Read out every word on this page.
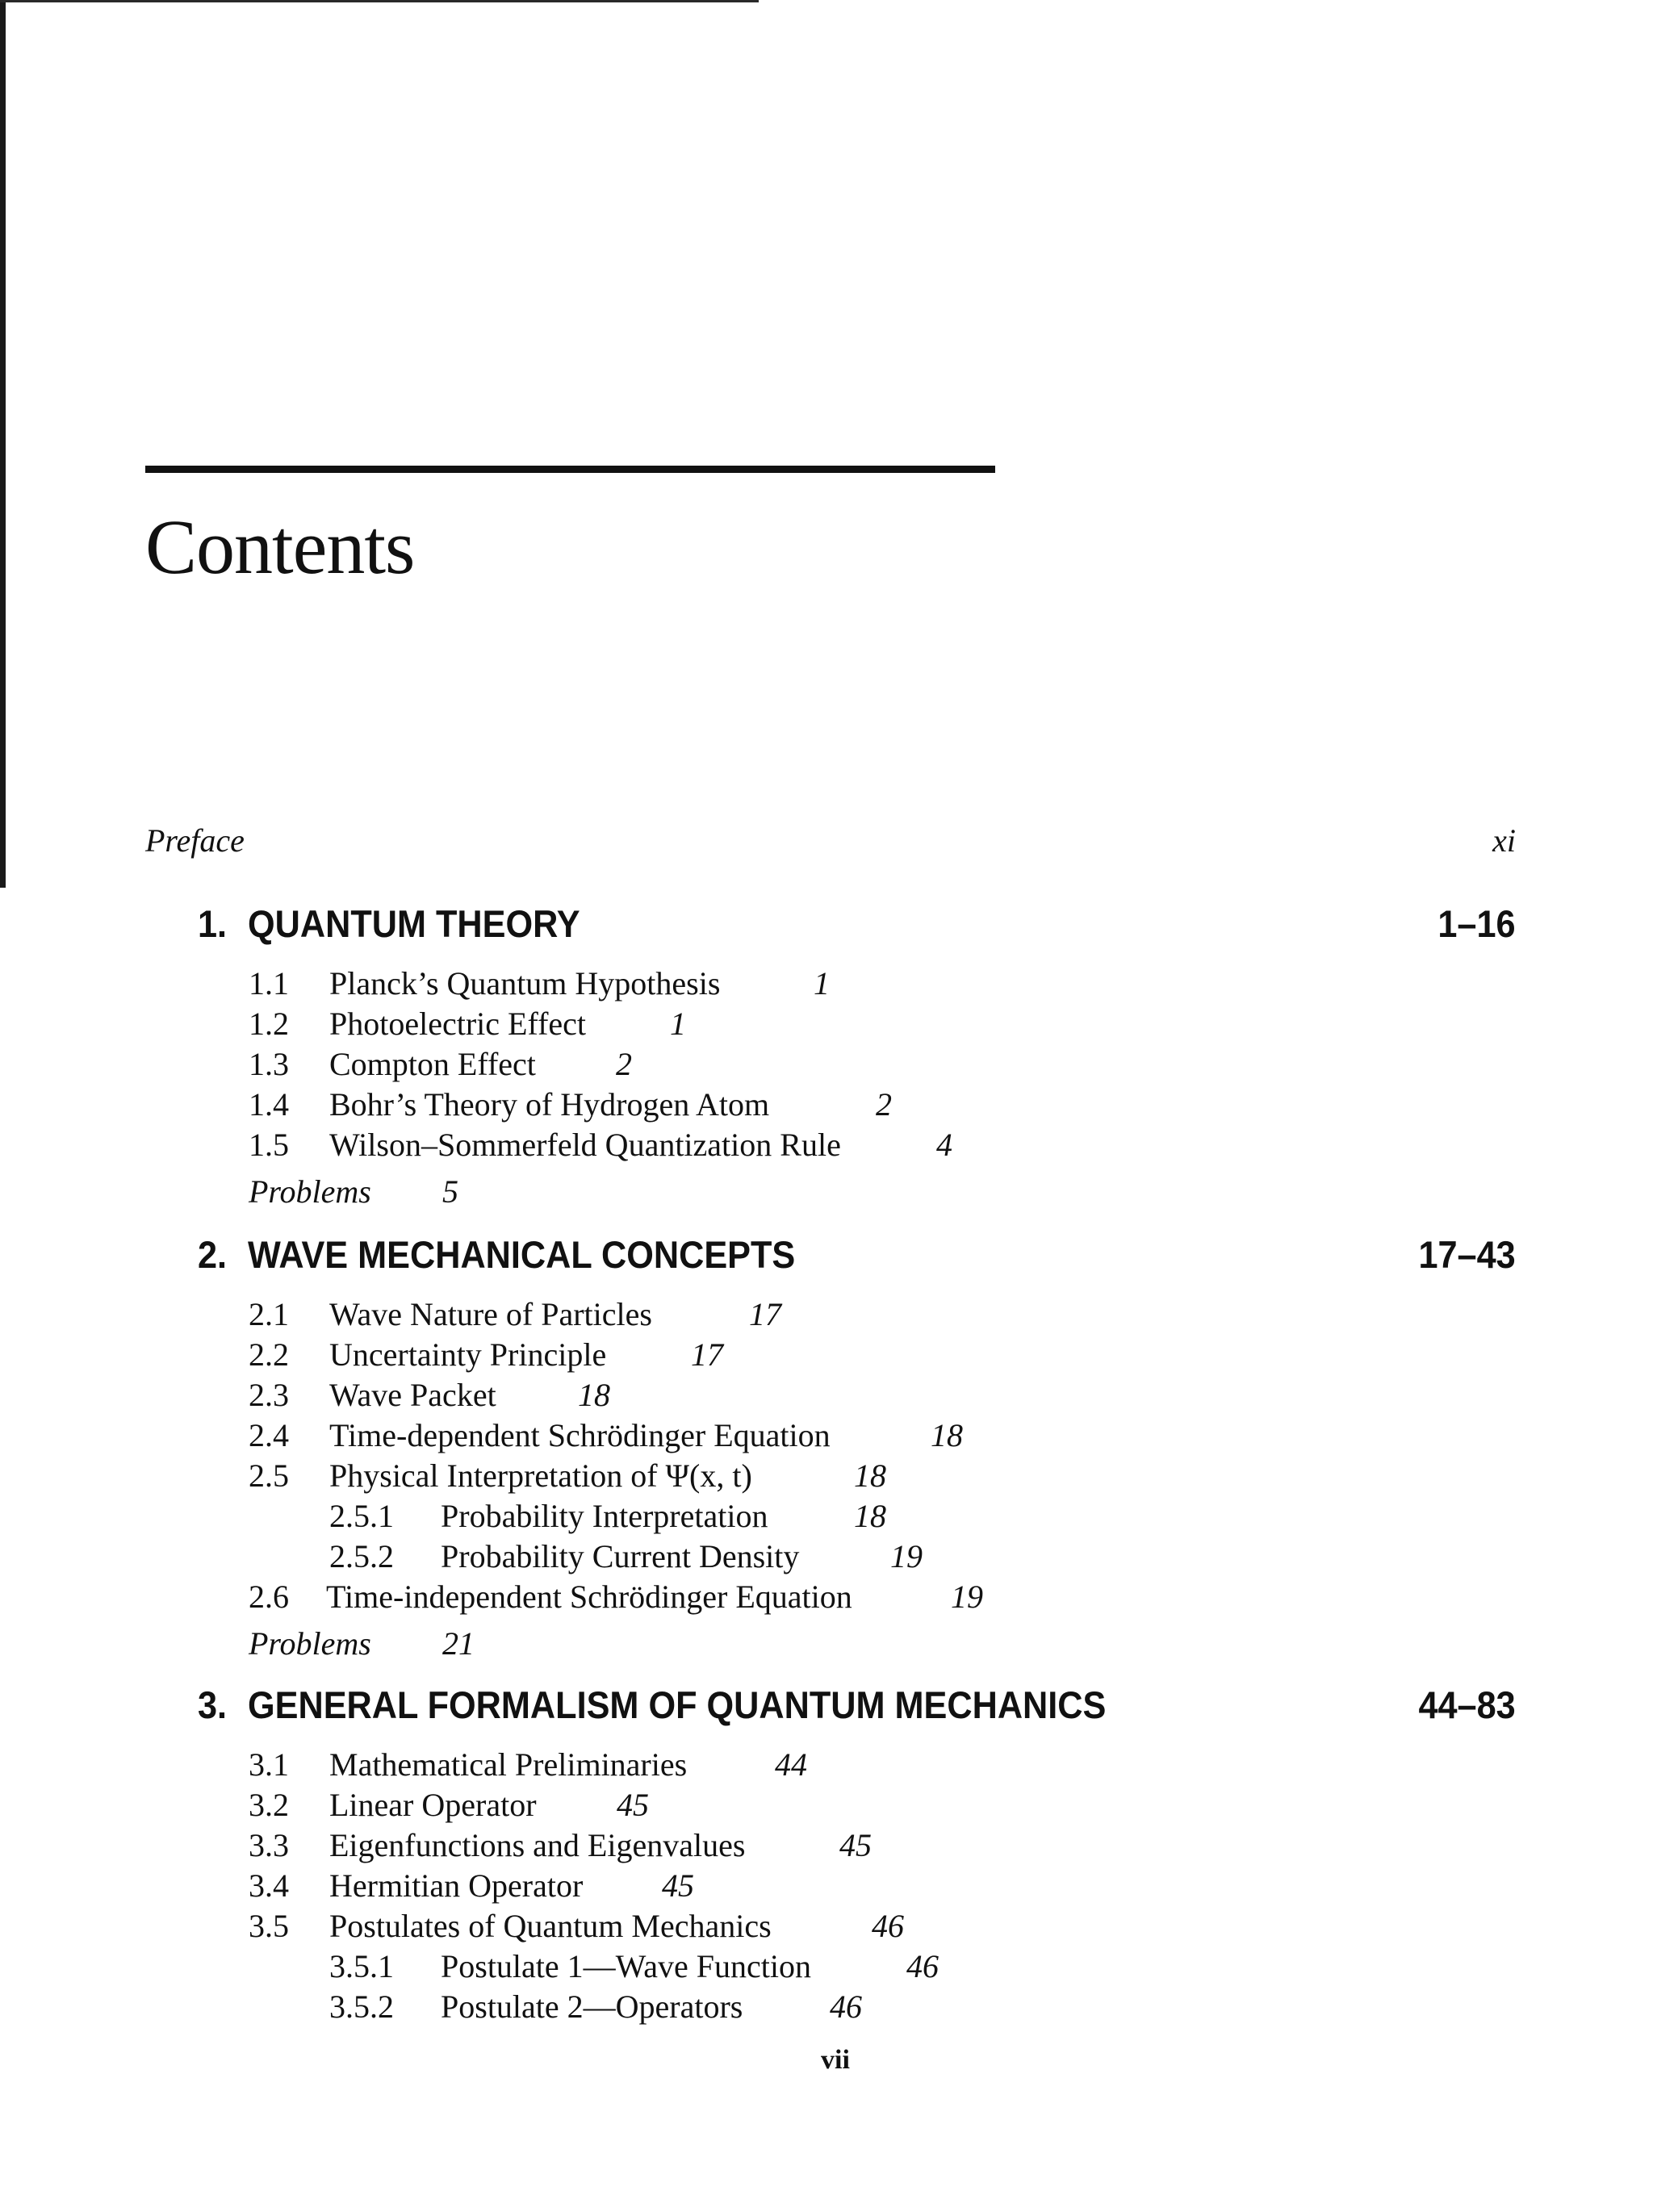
Contents
Preface	xi
1. QUANTUM THEORY	1–16
1.1 Planck’s Quantum Hypothesis	1
1.2 Photoelectric Effect	1
1.3 Compton Effect 2
1.4 Bohr’s Theory of Hydrogen Atom	2
1.5 Wilson–Sommerfeld Quantization Rule	4
Problems 5
2. WAVE MECHANICAL CONCEPTS	17–43
2.1 Wave Nature of Particles	17
2.2 Uncertainty Principle	17
2.3 Wave Packet	18
2.4 Time-dependent Schrödinger Equation	18
2.5 Physical Interpretation of Ψ(x, t)	18
2.5.1 Probability Interpretation	18
2.5.2 Probability Current Density	19
2.6 Time-independent Schrödinger Equation	19
Problems 21
3. GENERAL FORMALISM OF QUANTUM MECHANICS	44–83
3.1 Mathematical Preliminaries	44
3.2 Linear Operator 45
3.3 Eigenfunctions and Eigenvalues	45
3.4 Hermitian Operator 45
3.5 Postulates of Quantum Mechanics	46
3.5.1 Postulate 1—Wave Function	46
3.5.2 Postulate 2—Operators	46
vii
